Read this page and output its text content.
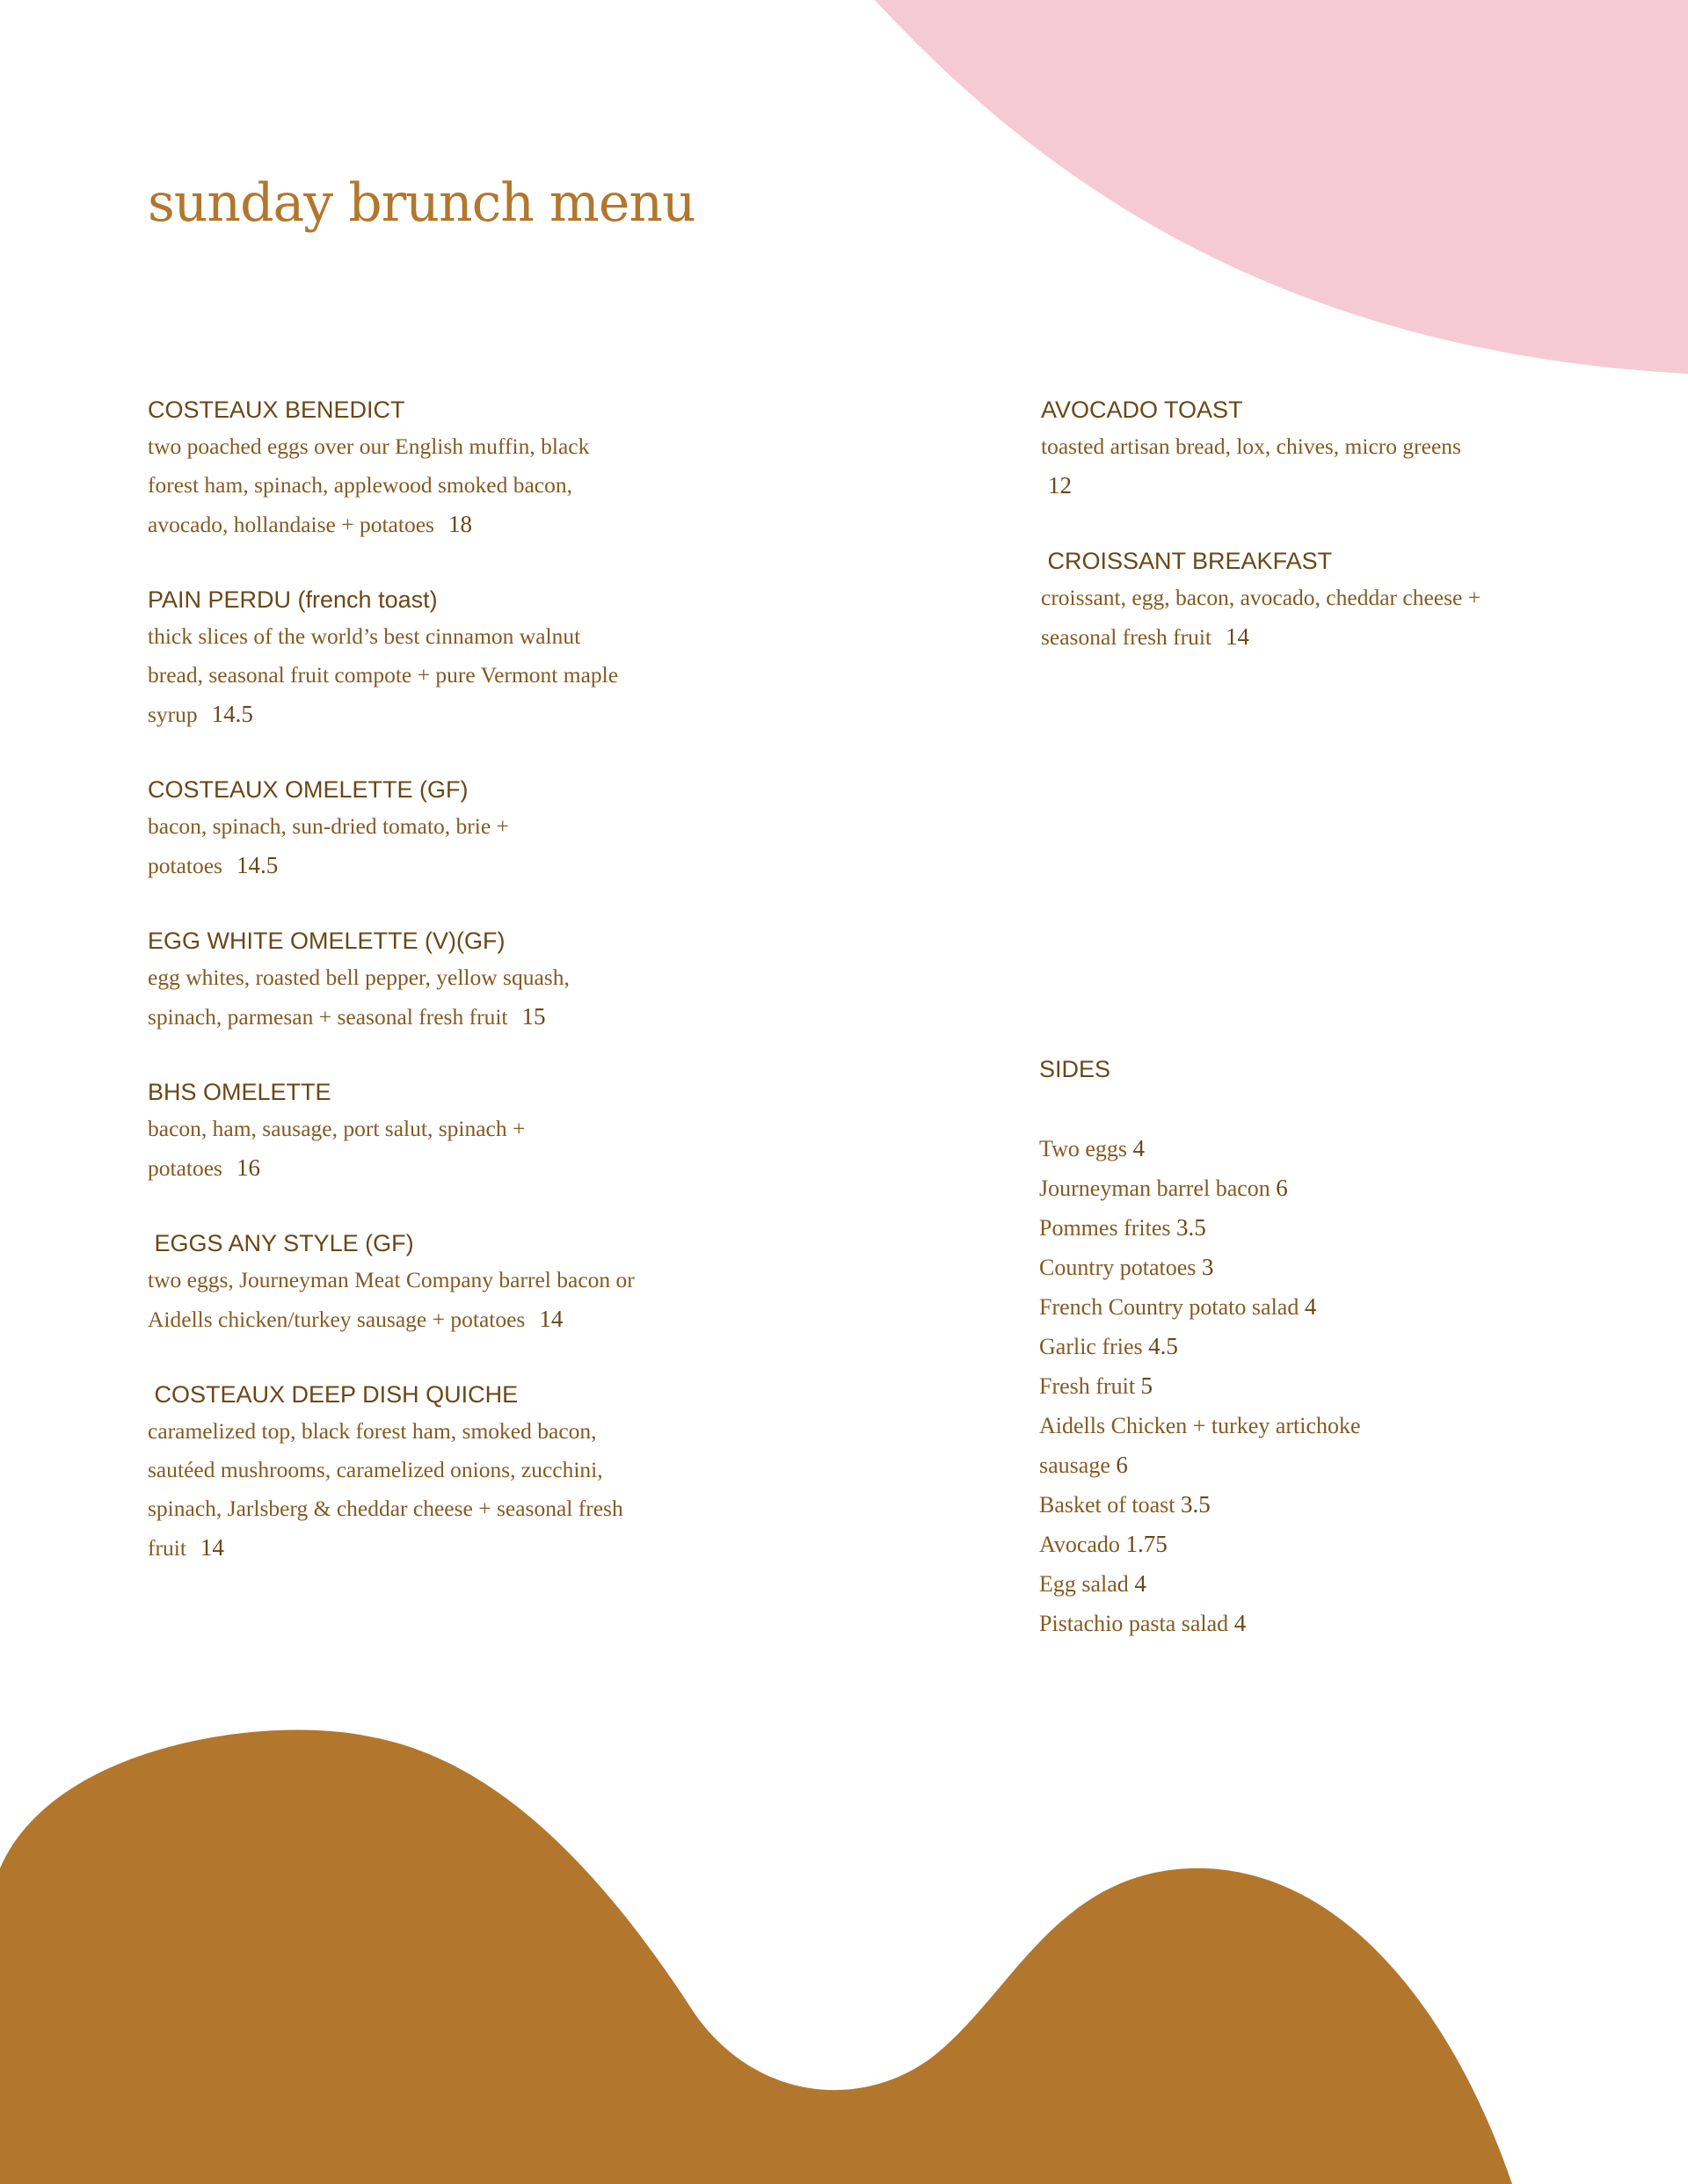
sunday brunch menu

COSTEAUX BENEDICT

two poached eggs over our English muffin, black forest ham, spinach, applewood smoked bacon, avocado, hollandaise + potatoes 18

PAIN PERDU (french toast)

thick slices of the world’s best cinnamon walnut bread, seasonal fruit compote + pure Vermont maple syrup 14.5

COSTEAUX OMELETTE (GF)

bacon, spinach, sun-dried tomato, brie + potatoes 14.5

EGG WHITE OMELETTE (V)(GF)

egg whites, roasted bell pepper, yellow squash, spinach, parmesan + seasonal fresh fruit 15

BHS OMELETTE

bacon, ham, sausage, port salut, spinach + potatoes 16

EGGS ANY STYLE (GF)

two eggs, Journeyman Meat Company barrel bacon or Aidells chicken/turkey sausage + potatoes 14

COSTEAUX DEEP DISH QUICHE

caramelized top, black forest ham, smoked bacon, sautéed mushrooms, caramelized onions, zucchini, spinach, Jarlsberg & cheddar cheese + seasonal fresh fruit 14

AVOCADO TOAST

toasted artisan bread, lox, chives, micro greens
12

CROISSANT BREAKFAST

croissant, egg, bacon, avocado, cheddar cheese + seasonal fresh fruit 14

SIDES

Two eggs 4
Journeyman barrel bacon 6
Pommes frites 3.5
Country potatoes 3
French Country potato salad 4
Garlic fries 4.5
Fresh fruit 5
Aidells Chicken + turkey artichoke
sausage 6
Basket of toast 3.5
Avocado 1.75
Egg salad 4
Pistachio pasta salad 4
